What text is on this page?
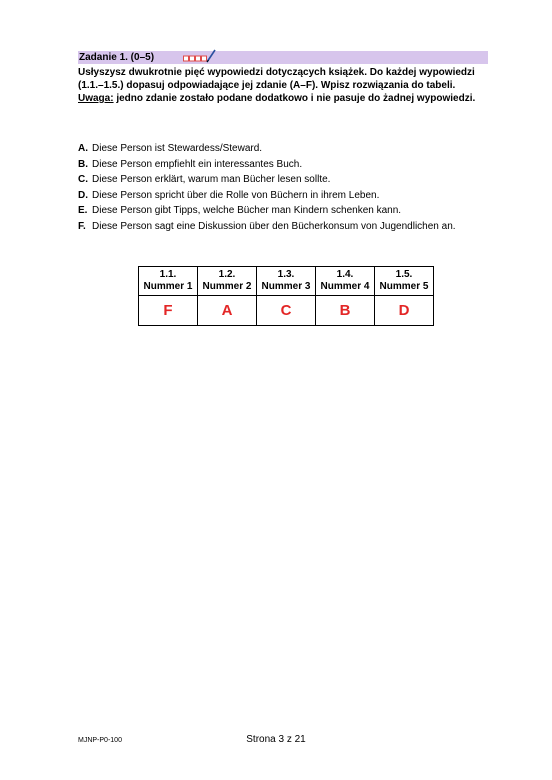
Zadanie 1. (0–5)

Usłyszysz dwukrotnie pięć wypowiedzi dotyczących książek. Do każdej wypowiedzi

(1.1.–1.5.) dopasuj odpowiadające jej zdanie (A–F). Wpisz rozwiązania do tabeli.

Uwaga: jedno zdanie zostało podane dodatkowo i nie pasuje do żadnej wypowiedzi.

A. Diese Person ist Stewardess/Steward.
B. Diese Person empfiehlt ein interessantes Buch.
C. Diese Person erklärt, warum man Bücher lesen sollte.
D. Diese Person spricht über die Rolle von Büchern in ihrem Leben.
E. Diese Person gibt Tipps, welche Bücher man Kindern schenken kann.
F. Diese Person sagt eine Diskussion über den Bücherkonsum von Jugendlichen an.
1.1.
Nummer 1	1.2.
Nummer 2	1.3.
Nummer 3	1.4.
Nummer 4	1.5.
Nummer 5
F	A	C	B	D
MJNP-P0-100	Strona 3 z 21
